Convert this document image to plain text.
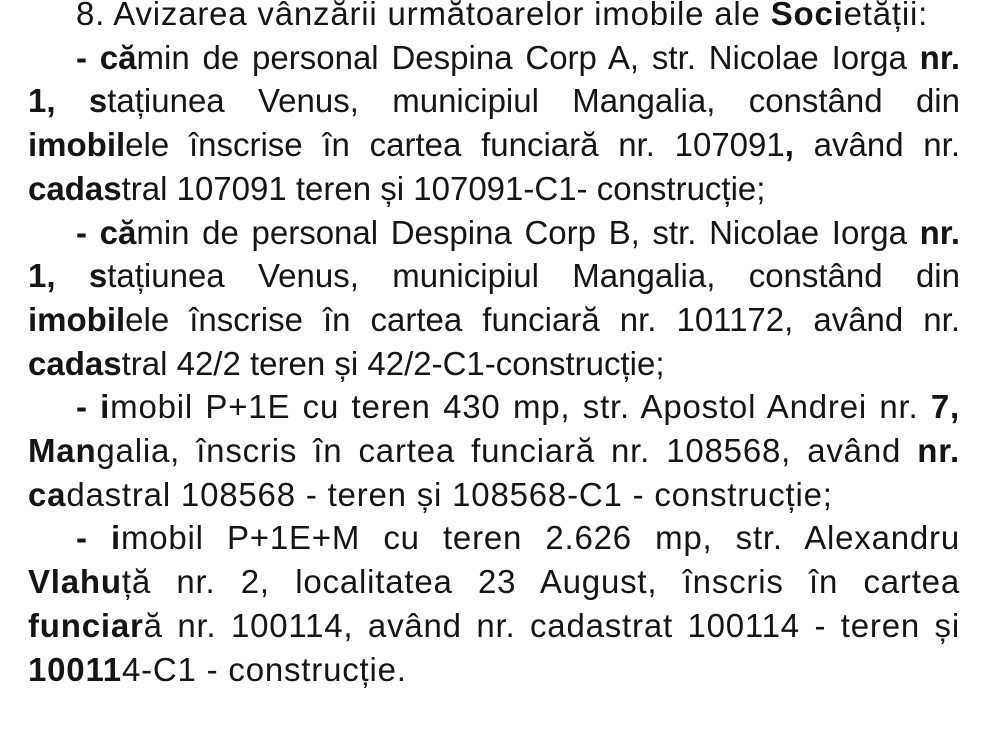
8. Avizarea vânzării următoarelor imobile ale Societății:

- cămin de personal Despina Corp A, str. Nicolae Iorga nr. 1, stațiunea Venus, municipiul Mangalia, constând din imobilele înscrise în cartea funciară nr. 107091, având nr. cadastral 107091 teren și 107091-C1- construcție;

- cămin de personal Despina Corp B, str. Nicolae Iorga nr. 1, stațiunea Venus, municipiul Mangalia, constând din imobilele înscrise în cartea funciară nr. 101172, având nr. cadastral 42/2 teren și 42/2-C1-construcție;

- imobil P+1E cu teren 430 mp, str. Apostol Andrei nr. 7, Mangalia, înscris în cartea funciară nr. 108568, având nr. cadastral 108568 - teren și 108568-C1 - construcție;

- imobil P+1E+M cu teren 2.626 mp, str. Alexandru Vlahuță nr. 2, localitatea 23 August, înscris în cartea funciară nr. 100114, având nr. cadastrat 100114 - teren și 100114-C1 - construcție.
